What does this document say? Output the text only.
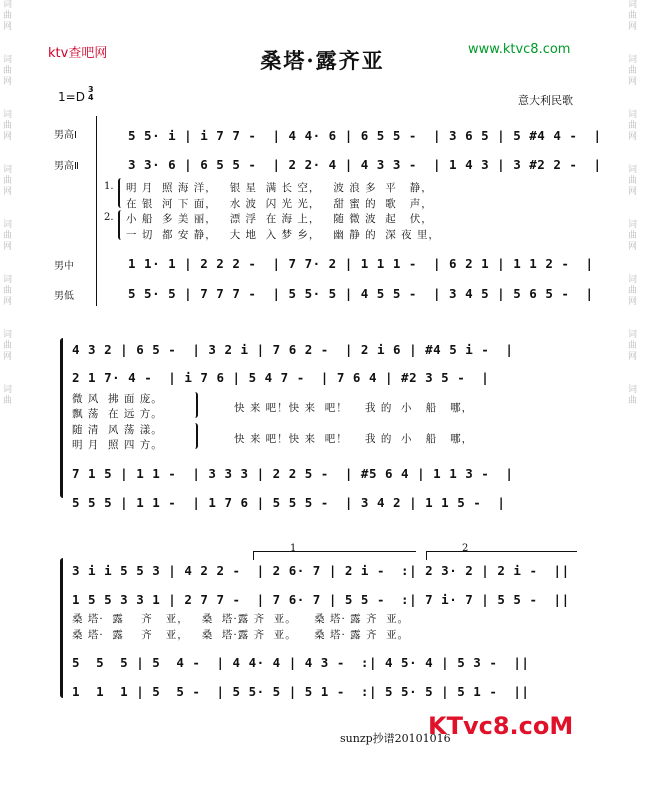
词
曲
网

词
曲
网

词
曲
网

词
曲
网

词
曲
网

词
曲
网

词
曲
网

词
曲

词
曲
网

词
曲
网

词
曲
网

词
曲
网

词
曲
网

词
曲
网

词
曲
网

词
曲

ktv查吧网	桑塔·露齐亚	www.ktvc8.com
1=D
3
4	意大利民歌
男高Ⅰ
男高Ⅱ
男中
男低
5 5· i | i 7 7 -  | 4 4· 6 | 6 5 5 -  | 3 6 5 | 5 #4 4 -  |
3 3· 6 | 6 5 5 -  | 2 2· 4 | 4 3 3 -  | 1 4 3 | 3 #2 2 -  |
1.
2.
明 月  照 海 洋，   银 星  满 长 空，   波 浪 多  平   静，
在 银  河 下 面，   水 波  闪 光 光，   甜 蜜 的  歌   声，
小 船  多 美 丽，   漂 浮  在 海 上，   随 微 波  起   伏，
一 切  都 安 静，   大 地  入 梦 乡，   幽 静 的  深 夜 里，
1 1· 1 | 2 2 2 -  | 7 7· 2 | 1 1 1 -  | 6 2 1 | 1 1 2 -  |
5 5· 5 | 7 7 7 -  | 5 5· 5 | 4 5 5 -  | 3 4 5 | 5 6 5 -  |
4 3 2 | 6 5 -  | 3 2 i | 7 6 2 -  | 2 i 6 | #4 5 i -  |
2 1 7· 4 -  | i 7 6 | 5 4 7 -  | 7 6 4 | #2 3 5 -  |
微 风  拂 面 庞。
飘 荡  在 远 方。
随 清  风 荡 漾。
明 月  照 四 方。
快 来 吧！快 来  吧！    我 的  小   船   哪，
快 来 吧！快 来  吧！    我 的  小   船   哪，
7 1 5 | 1 1 -  | 3 3 3 | 2 2 5 -  | #5 6 4 | 1 1 3 -  |
5 5 5 | 1 1 -  | 1 7 6 | 5 5 5 -  | 3 4 2 | 1 1 5 -  |
1	2
3 i i 5 5 3 | 4 2 2 -  | 2 6· 7 | 2 i -  :| 2 3· 2 | 2 i -  ||
1 5 5 3 3 1 | 2 7 7 -  | 7 6· 7 | 5 5 -  :| 7 i· 7 | 5 5 -  ||
桑 塔·  露    齐   亚，   桑  塔·露 齐  亚。    桑 塔· 露 齐  亚。
桑 塔·  露    齐   亚，   桑  塔·露 齐  亚。    桑 塔· 露 齐  亚。
5  5  5 | 5  4 -  | 4 4· 4 | 4 3 -  :| 4 5· 4 | 5 3 -  ||
1  1  1 | 5  5 -  | 5 5· 5 | 5 1 -  :| 5 5· 5 | 5 1 -  ||
sunzp抄谱20101016
KTvc8.coM
